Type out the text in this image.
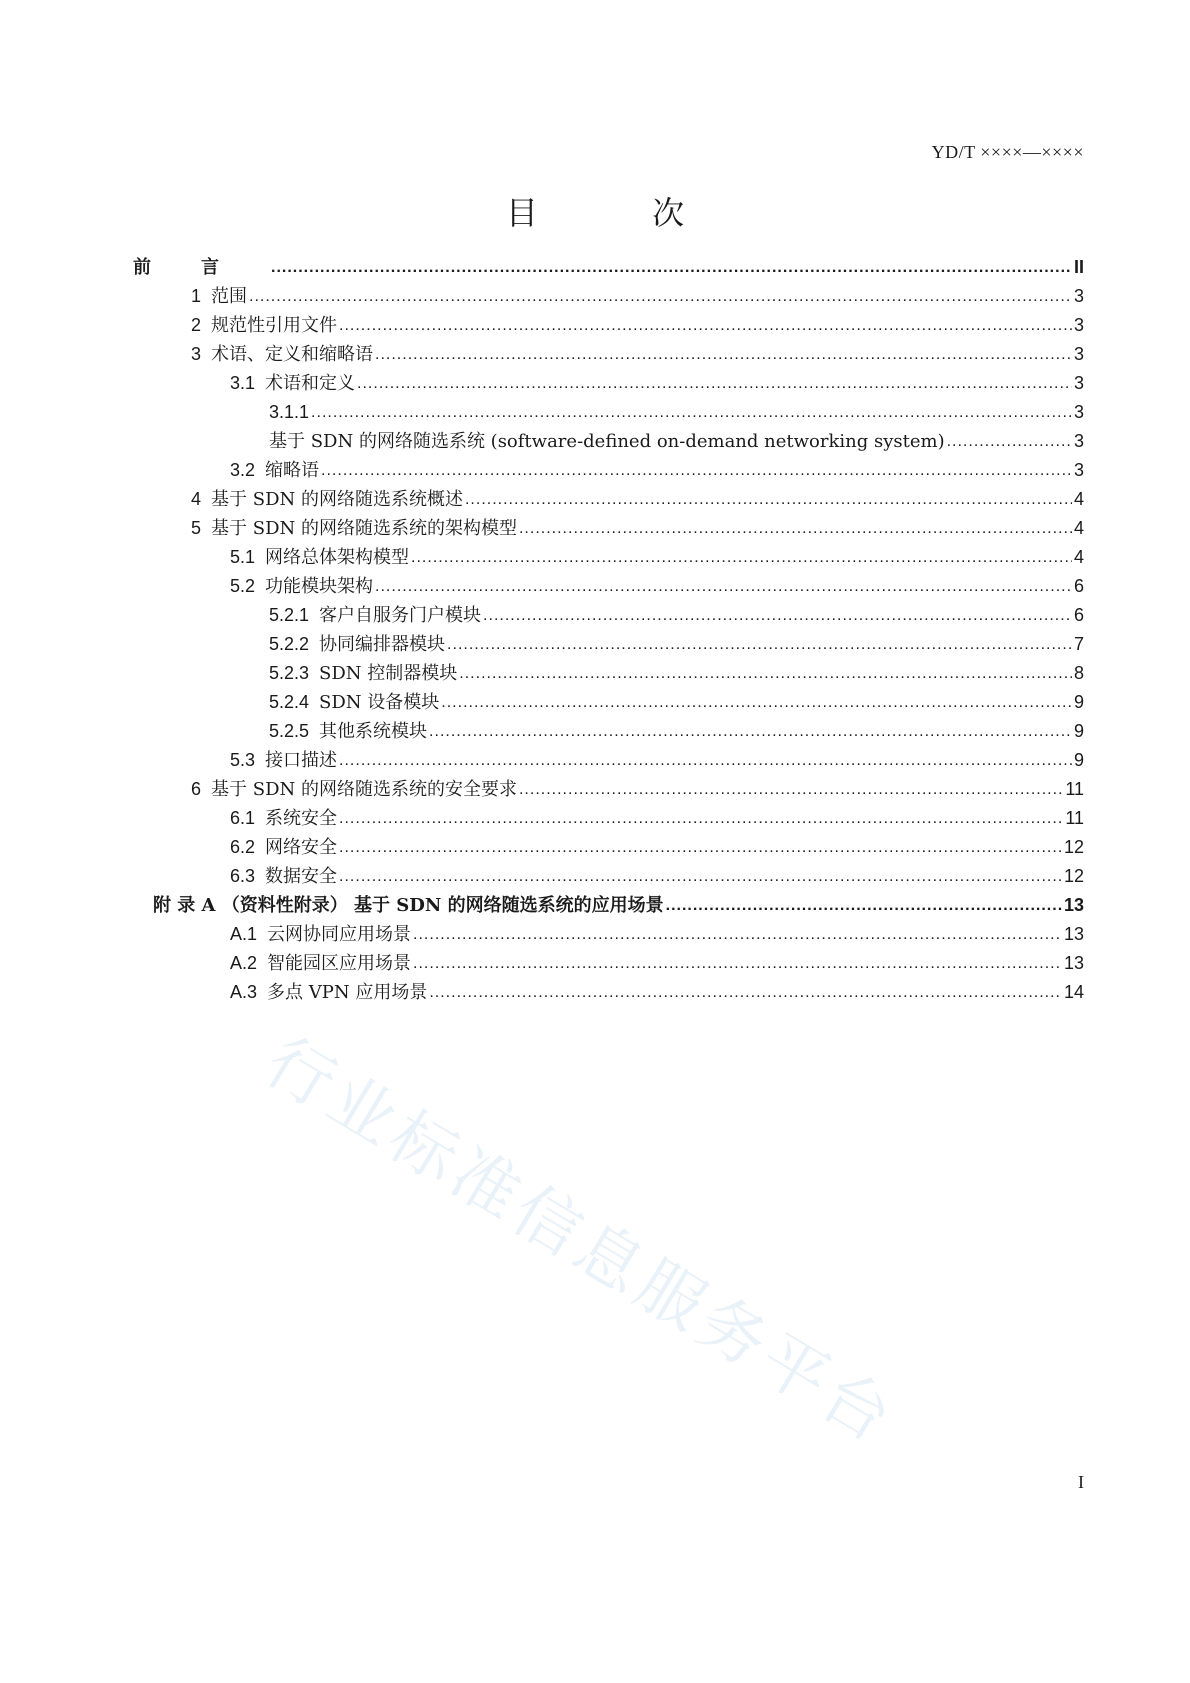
YD/T ××××—××××
目 次
前言 .....	II
1 范围 .....	3
2 规范性引用文件 .....	3
3 术语、定义和缩略语 .....	3
3.1 术语和定义 .....	3
3.1.1 .....	3
基于 SDN 的网络随选系统 (software-defined on-demand networking system) .....	3
3.2 缩略语 .....	3
4 基于 SDN 的网络随选系统概述 .....	4
5 基于 SDN 的网络随选系统的架构模型 .....	4
5.1 网络总体架构模型 .....	4
5.2 功能模块架构 .....	6
5.2.1 客户自服务门户模块 .....	6
5.2.2 协同编排器模块 .....	7
5.2.3 SDN 控制器模块 .....	8
5.2.4 SDN 设备模块 .....	9
5.2.5 其他系统模块 .....	9
5.3 接口描述 .....	9
6 基于 SDN 的网络随选系统的安全要求 .....	11
6.1 系统安全 .....	11
6.2 网络安全 .....	12
6.3 数据安全 .....	12
附 录 A （资料性附录） 基于 SDN 的网络随选系统的应用场景 .....	13
A.1 云网协同应用场景 .....	13
A.2 智能园区应用场景 .....	13
A.3 多点 VPN 应用场景 .....	14
行业标准信息服务平台
I
